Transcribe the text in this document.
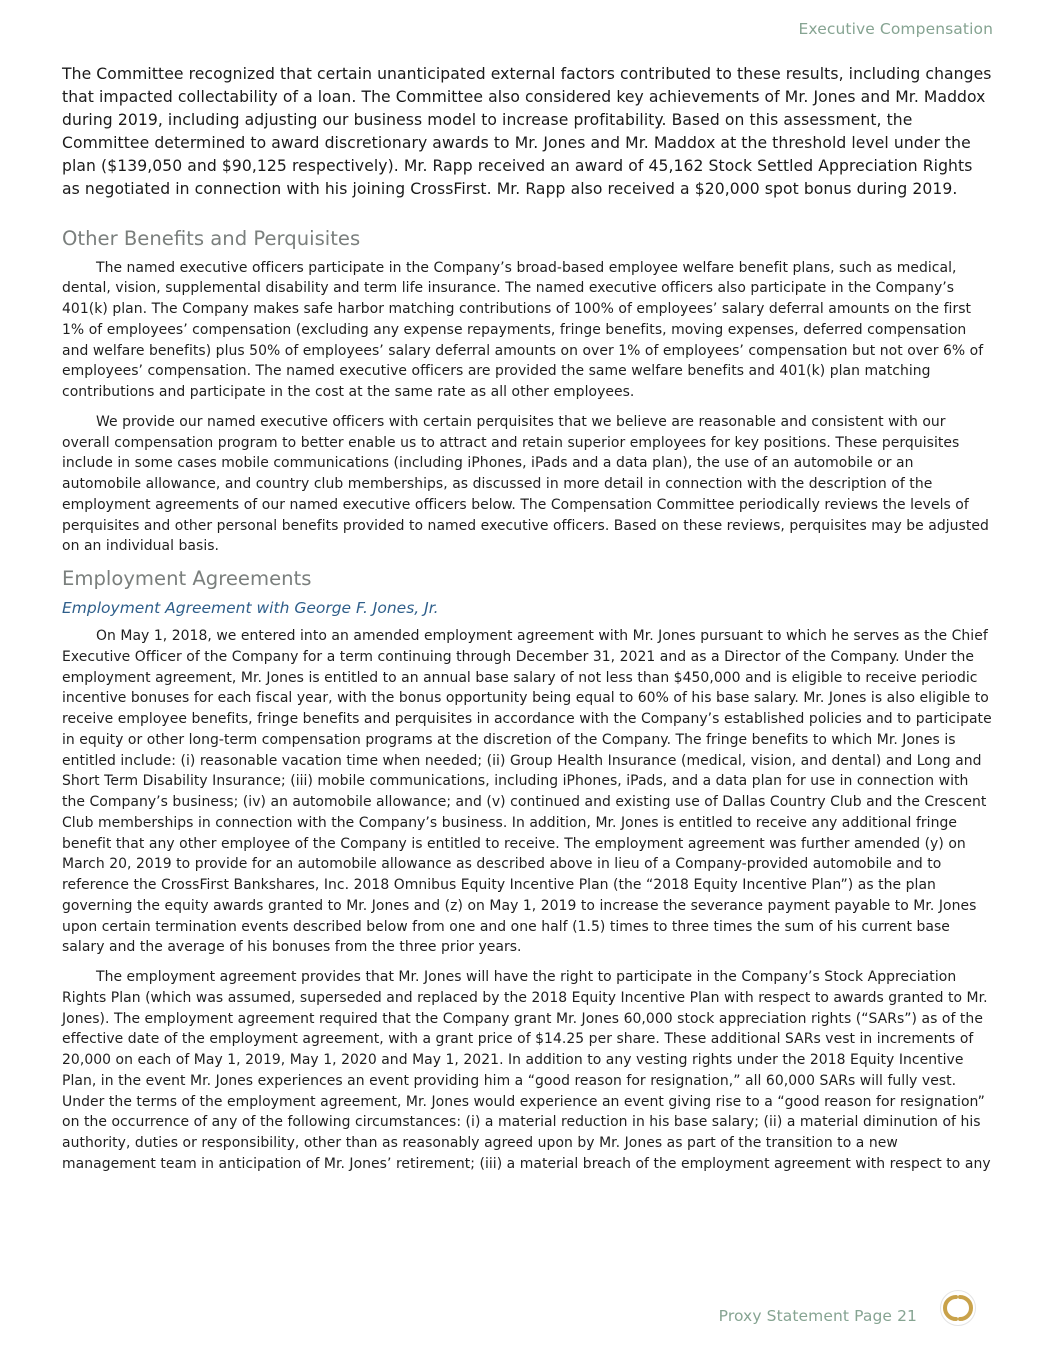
Executive Compensation

The Committee recognized that certain unanticipated external factors contributed to these results, including changes that impacted collectability of a loan. The Committee also considered key achievements of Mr. Jones and Mr. Maddox during 2019, including adjusting our business model to increase profitability. Based on this assessment, the Committee determined to award discretionary awards to Mr. Jones and Mr. Maddox at the threshold level under the plan ($139,050 and $90,125 respectively). Mr. Rapp received an award of 45,162 Stock Settled Appreciation Rights as negotiated in connection with his joining CrossFirst. Mr. Rapp also received a $20,000 spot bonus during 2019.

Other Benefits and Perquisites

The named executive officers participate in the Company’s broad-based employee welfare benefit plans, such as medical, dental, vision, supplemental disability and term life insurance. The named executive officers also participate in the Company’s 401(k) plan. The Company makes safe harbor matching contributions of 100% of employees’ salary deferral amounts on the first 1% of employees’ compensation (excluding any expense repayments, fringe benefits, moving expenses, deferred compensation and welfare benefits) plus 50% of employees’ salary deferral amounts on over 1% of employees’ compensation but not over 6% of employees’ compensation. The named executive officers are provided the same welfare benefits and 401(k) plan matching contributions and participate in the cost at the same rate as all other employees.

We provide our named executive officers with certain perquisites that we believe are reasonable and consistent with our overall compensation program to better enable us to attract and retain superior employees for key positions. These perquisites include in some cases mobile communications (including iPhones, iPads and a data plan), the use of an automobile or an automobile allowance, and country club memberships, as discussed in more detail in connection with the description of the employment agreements of our named executive officers below. The Compensation Committee periodically reviews the levels of perquisites and other personal benefits provided to named executive officers. Based on these reviews, perquisites may be adjusted on an individual basis.

Employment Agreements
Employment Agreement with George F. Jones, Jr.

On May 1, 2018, we entered into an amended employment agreement with Mr. Jones pursuant to which he serves as the Chief Executive Officer of the Company for a term continuing through December 31, 2021 and as a Director of the Company. Under the employment agreement, Mr. Jones is entitled to an annual base salary of not less than $450,000 and is eligible to receive periodic incentive bonuses for each fiscal year, with the bonus opportunity being equal to 60% of his base salary. Mr. Jones is also eligible to receive employee benefits, fringe benefits and perquisites in accordance with the Company’s established policies and to participate in equity or other long-term compensation programs at the discretion of the Company. The fringe benefits to which Mr. Jones is entitled include: (i) reasonable vacation time when needed; (ii) Group Health Insurance (medical, vision, and dental) and Long and Short Term Disability Insurance; (iii) mobile communications, including iPhones, iPads, and a data plan for use in connection with the Company’s business; (iv) an automobile allowance; and (v) continued and existing use of Dallas Country Club and the Crescent Club memberships in connection with the Company’s business. In addition, Mr. Jones is entitled to receive any additional fringe benefit that any other employee of the Company is entitled to receive. The employment agreement was further amended (y) on March 20, 2019 to provide for an automobile allowance as described above in lieu of a Company-provided automobile and to reference the CrossFirst Bankshares, Inc. 2018 Omnibus Equity Incentive Plan (the “2018 Equity Incentive Plan”) as the plan governing the equity awards granted to Mr. Jones and (z) on May 1, 2019 to increase the severance payment payable to Mr. Jones upon certain termination events described below from one and one half (1.5) times to three times the sum of his current base salary and the average of his bonuses from the three prior years.

The employment agreement provides that Mr. Jones will have the right to participate in the Company’s Stock Appreciation Rights Plan (which was assumed, superseded and replaced by the 2018 Equity Incentive Plan with respect to awards granted to Mr. Jones). The employment agreement required that the Company grant Mr. Jones 60,000 stock appreciation rights (“SARs”) as of the effective date of the employment agreement, with a grant price of $14.25 per share. These additional SARs vest in increments of 20,000 on each of May 1, 2019, May 1, 2020 and May 1, 2021. In addition to any vesting rights under the 2018 Equity Incentive Plan, in the event Mr. Jones experiences an event providing him a “good reason for resignation,” all 60,000 SARs will fully vest. Under the terms of the employment agreement, Mr. Jones would experience an event giving rise to a “good reason for resignation” on the occurrence of any of the following circumstances: (i) a material reduction in his base salary; (ii) a material diminution of his authority, duties or responsibility, other than as reasonably agreed upon by Mr. Jones as part of the transition to a new management team in anticipation of Mr. Jones’ retirement; (iii) a material breach of the employment agreement with respect to any

Proxy Statement Page 21
